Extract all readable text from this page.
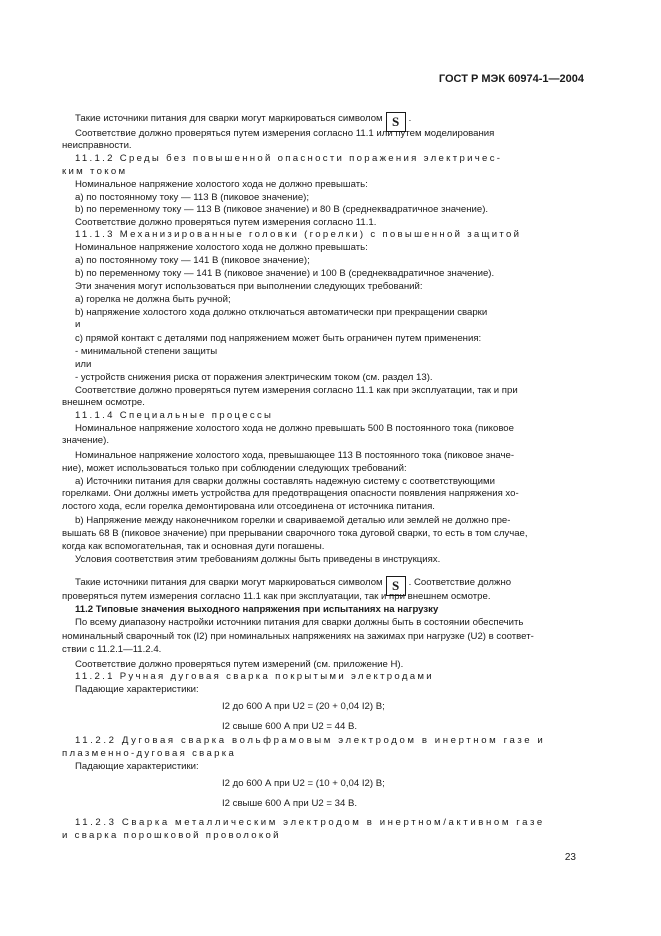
ГОСТ Р МЭК 60974-1—2004
Такие источники питания для сварки могут маркироваться символом S .
Соответствие должно проверяться путем измерения согласно 11.1 или путем моделирования
неисправности.
11.1.2 Среды без повышенной опасности поражения электричес-
ким током
Номинальное напряжение холостого хода не должно превышать:
a) по постоянному току — 113 В (пиковое значение);
b) по переменному току — 113 В (пиковое значение) и 80 В (среднеквадратичное значение).
Соответствие должно проверяться путем измерения согласно 11.1.
11.1.3 Механизированные головки (горелки) с повышенной защитой
Номинальное напряжение холостого хода не должно превышать:
a) по постоянному току — 141 В (пиковое значение);
b) по переменному току — 141 В (пиковое значение) и 100 В (среднеквадратичное значение).
Эти значения могут использоваться при выполнении следующих требований:
a) горелка не должна быть ручной;
b) напряжение холостого хода должно отключаться автоматически при прекращении сварки
и
c) прямой контакт с деталями под напряжением может быть ограничен путем применения:
- минимальной степени защиты
или
- устройств снижения риска от поражения электрическим током (см. раздел 13).
Соответствие должно проверяться путем измерения согласно 11.1 как при эксплуатации, так и при
внешнем осмотре.
11.1.4 Специальные процессы
Номинальное напряжение холостого хода не должно превышать 500 В постоянного тока (пиковое
значение).
Номинальное напряжение холостого хода, превышающее 113 В постоянного тока (пиковое значе-
ние), может использоваться только при соблюдении следующих требований:
a) Источники питания для сварки должны составлять надежную систему с соответствующими
горелками. Они должны иметь устройства для предотвращения опасности появления напряжения хо-
лостого хода, если горелка демонтирована или отсоединена от источника питания.
b) Напряжение между наконечником горелки и свариваемой деталью или землей не должно пре-
вышать 68 В (пиковое значение) при прерывании сварочного тока дуговой сварки, то есть в том случае,
когда как вспомогательная, так и основная дуги погашены.
Условия соответствия этим требованиям должны быть приведены в инструкциях.
Такие источники питания для сварки могут маркироваться символом S . Соответствие должно
проверяться путем измерения согласно 11.1 как при эксплуатации, так и при внешнем осмотре.
11.2 Типовые значения выходного напряжения при испытаниях на нагрузку
По всему диапазону настройки источники питания для сварки должны быть в состоянии обеспечить
номинальный сварочный ток (I2) при номинальных напряжениях на зажимах при нагрузке (U2) в соответ-
ствии с 11.2.1—11.2.4.
Соответствие должно проверяться путем измерений (см. приложение Н).
11.2.1 Ручная дуговая сварка покрытыми электродами
Падающие характеристики:
I2 до 600 А при U2 = (20 + 0,04 I2) В;
I2 свыше 600 А при U2 = 44 В.
11.2.2 Дуговая сварка вольфрамовым электродом в инертном газе и
плазменно-дуговая сварка
Падающие характеристики:
I2 до 600 А при U2 = (10 + 0,04 I2) В;
I2 свыше 600 А при U2 = 34 В.
11.2.3 Сварка металлическим электродом в инертном/активном газе
и сварка порошковой проволокой
23
